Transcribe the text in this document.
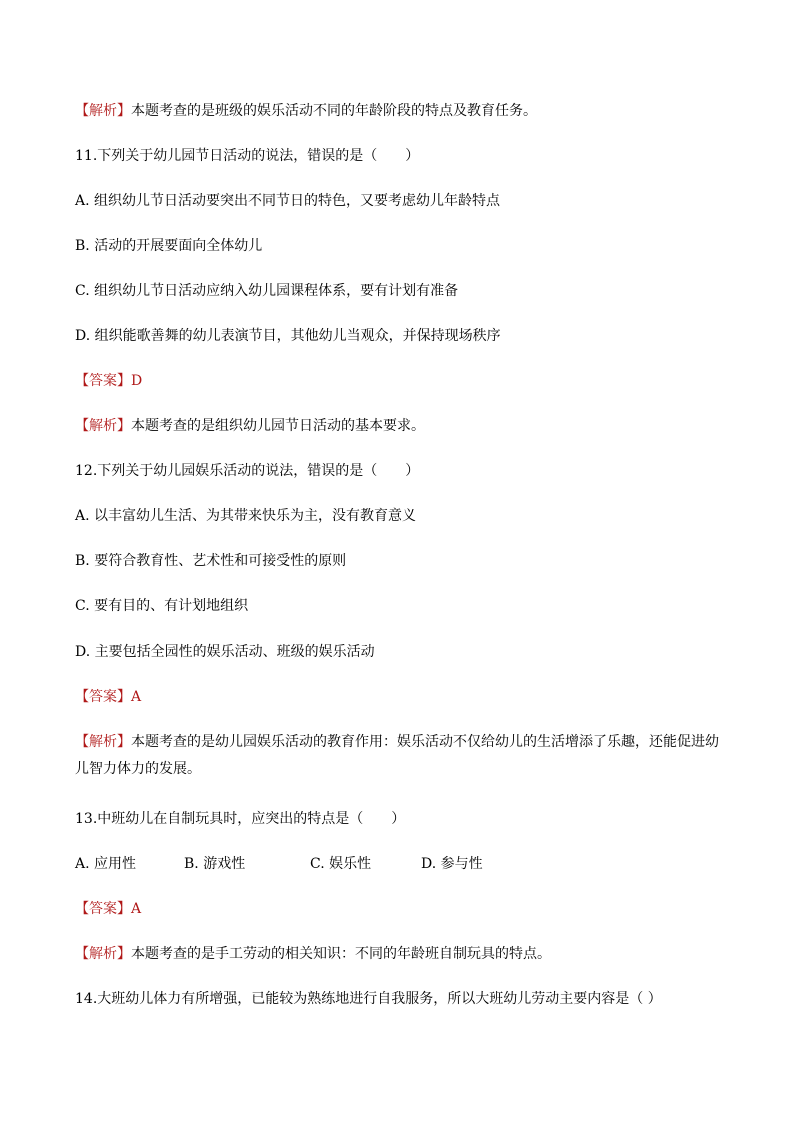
【解析】本题考查的是班级的娱乐活动不同的年龄阶段的特点及教育任务。
11.下列关于幼儿园节日活动的说法，错误的是（　　）
A. 组织幼儿节日活动要突出不同节日的特色，又要考虑幼儿年龄特点
B. 活动的开展要面向全体幼儿
C. 组织幼儿节日活动应纳入幼儿园课程体系，要有计划有准备
D. 组织能歌善舞的幼儿表演节目，其他幼儿当观众，并保持现场秩序
【答案】D
【解析】本题考查的是组织幼儿园节日活动的基本要求。
12.下列关于幼儿园娱乐活动的说法，错误的是（　　）
A. 以丰富幼儿生活、为其带来快乐为主，没有教育意义
B. 要符合教育性、艺术性和可接受性的原则
C. 要有目的、有计划地组织
D. 主要包括全园性的娱乐活动、班级的娱乐活动
【答案】A
【解析】本题考查的是幼儿园娱乐活动的教育作用：娱乐活动不仅给幼儿的生活增添了乐趣，还能促进幼儿智力体力的发展。
13.中班幼儿在自制玩具时，应突出的特点是（　　）
A. 应用性	B. 游戏性	C. 娱乐性	D. 参与性
【答案】A
【解析】本题考查的是手工劳动的相关知识：不同的年龄班自制玩具的特点。
14.大班幼儿体力有所增强，已能较为熟练地进行自我服务，所以大班幼儿劳动主要内容是（ ）
